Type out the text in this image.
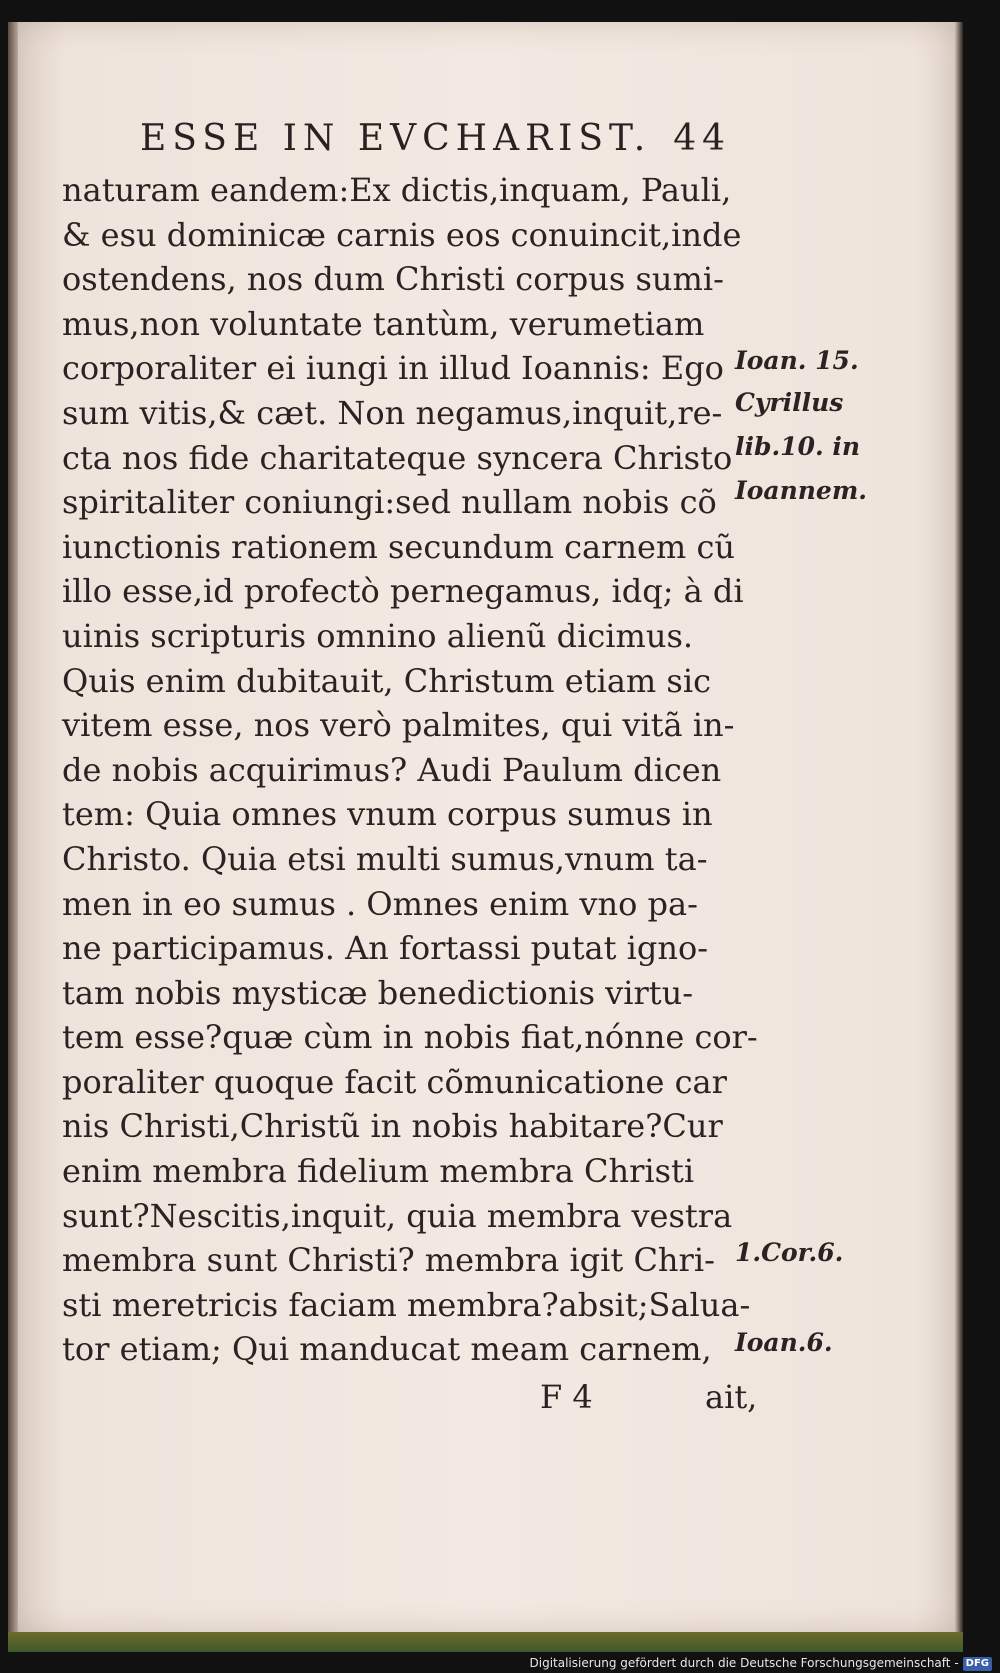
ESSE IN EVCHARIST. 44
naturam eandem:Ex dictis,inquam, Pauli,
& esu dominicæ carnis eos conuincit,inde
ostendens, nos dum Christi corpus sumi-
mus,non voluntate tantùm, verumetiam
corporaliter ei iungi in illud Ioannis: Ego
sum vitis,& cæt. Non negamus,inquit,re-
cta nos fide charitateque syncera Christo
spiritaliter coniungi:sed nullam nobis cõ
iunctionis rationem secundum carnem cũ
illo esse,id profectò pernegamus, idq; à di
uinis scripturis omnino alienũ dicimus.
Quis enim dubitauit, Christum etiam sic
vitem esse, nos verò palmites, qui vitã in-
de nobis acquirimus? Audi Paulum dicen
tem: Quia omnes vnum corpus sumus in
Christo. Quia etsi multi sumus,vnum ta-
men in eo sumus . Omnes enim vno pa-
ne participamus. An fortassi putat igno-
tam nobis mysticæ benedictionis virtu-
tem esse?quæ cùm in nobis fiat,nónne cor-
poraliter quoque facit cõmunicatione car
nis Christi,Christũ in nobis habitare?Cur
enim membra fidelium membra Christi
sunt?Nescitis,inquit, quia membra vestra
membra sunt Christi? membra igit Chri-
sti meretricis faciam membra?absit;Salua-
tor etiam; Qui manducat meam carnem,
Ioan. 15.
Cyrillus
lib.10. in
Ioannem.
1.Cor.6.
Ioan.6.
F 4	ait,
Digitalisierung gefördert durch die Deutsche Forschungsgemeinschaft - DFG
